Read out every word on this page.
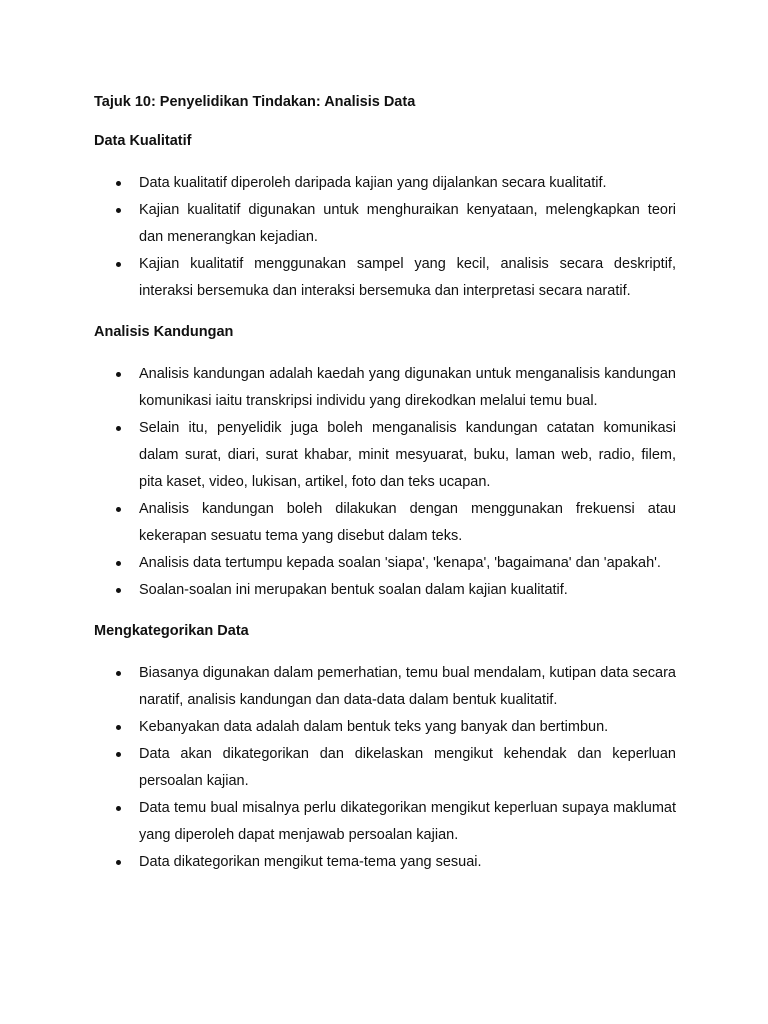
Tajuk 10: Penyelidikan Tindakan: Analisis Data
Data Kualitatif
Data kualitatif diperoleh daripada kajian yang dijalankan secara kualitatif.
Kajian kualitatif digunakan untuk menghuraikan kenyataan, melengkapkan teori dan menerangkan kejadian.
Kajian kualitatif menggunakan sampel yang kecil, analisis secara deskriptif, interaksi bersemuka dan interaksi bersemuka dan interpretasi secara naratif.
Analisis Kandungan
Analisis kandungan adalah kaedah yang digunakan untuk menganalisis kandungan komunikasi iaitu transkripsi individu yang direkodkan melalui temu bual.
Selain itu, penyelidik juga boleh menganalisis kandungan catatan komunikasi dalam surat, diari, surat khabar, minit mesyuarat, buku, laman web, radio, filem, pita kaset, video, lukisan, artikel, foto dan teks ucapan.
Analisis kandungan boleh dilakukan dengan menggunakan frekuensi atau kekerapan sesuatu tema yang disebut dalam teks.
Analisis data tertumpu kepada soalan 'siapa', 'kenapa', 'bagaimana' dan 'apakah'.
Soalan-soalan ini merupakan bentuk soalan dalam kajian kualitatif.
Mengkategorikan Data
Biasanya digunakan dalam pemerhatian, temu bual mendalam, kutipan data secara naratif, analisis kandungan dan data-data dalam bentuk kualitatif.
Kebanyakan data adalah dalam bentuk teks yang banyak dan bertimbun.
Data akan dikategorikan dan dikelaskan mengikut kehendak dan keperluan persoalan kajian.
Data temu bual misalnya perlu dikategorikan mengikut keperluan supaya maklumat yang diperoleh dapat menjawab persoalan kajian.
Data dikategorikan mengikut tema-tema yang sesuai.
